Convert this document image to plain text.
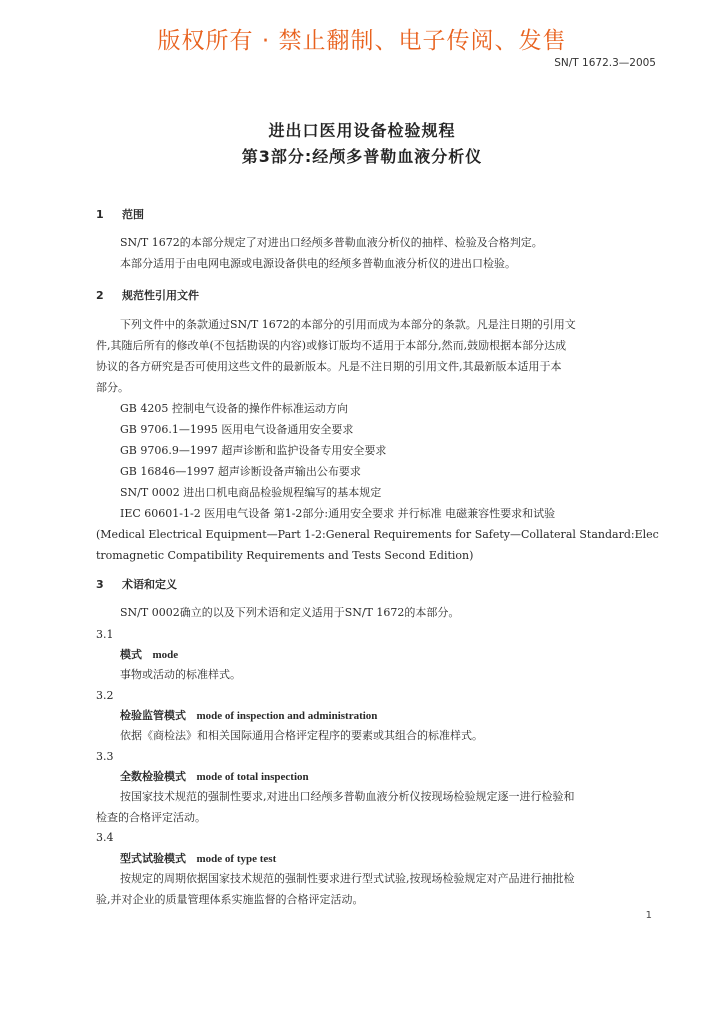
版权所有 · 禁止翻制、电子传阅、发售
SN/T 1672.3—2005
进出口医用设备检验规程
第3部分:经颅多普勒血液分析仪
1 范围
SN/T 1672的本部分规定了对进出口经颅多普勒血液分析仪的抽样、检验及合格判定。
本部分适用于由电网电源或电源设备供电的经颅多普勒血液分析仪的进出口检验。
2 规范性引用文件
下列文件中的条款通过SN/T 1672的本部分的引用而成为本部分的条款。凡是注日期的引用文
件,其随后所有的修改单(不包括勘误的内容)或修订版均不适用于本部分,然而,鼓励根据本部分达成
协议的各方研究是否可使用这些文件的最新版本。凡是不注日期的引用文件,其最新版本适用于本
部分。
GB 4205 控制电气设备的操作件标准运动方向
GB 9706.1—1995 医用电气设备通用安全要求
GB 9706.9—1997 超声诊断和监护设备专用安全要求
GB 16846—1997 超声诊断设备声输出公布要求
SN/T 0002 进出口机电商品检验规程编写的基本规定
IEC 60601-1-2 医用电气设备 第1-2部分:通用安全要求 并行标准 电磁兼容性要求和试验
(Medical Electrical Equipment—Part 1-2:General Requirements for Safety—Collateral Standard:Elec
tromagnetic Compatibility Requirements and Tests Second Edition)
3 术语和定义
SN/T 0002确立的以及下列术语和定义适用于SN/T 1672的本部分。
3.1
模式 mode
事物或活动的标准样式。
3.2
检验监管模式 mode of inspection and administration
依据《商检法》和相关国际通用合格评定程序的要素或其组合的标准样式。
3.3
全数检验模式 mode of total inspection
按国家技术规范的强制性要求,对进出口经颅多普勒血液分析仪按现场检验规定逐一进行检验和
检查的合格评定活动。
3.4
型式试验模式 mode of type test
按规定的周期依据国家技术规范的强制性要求进行型式试验,按现场检验规定对产品进行抽批检
验,并对企业的质量管理体系实施监督的合格评定活动。
1
